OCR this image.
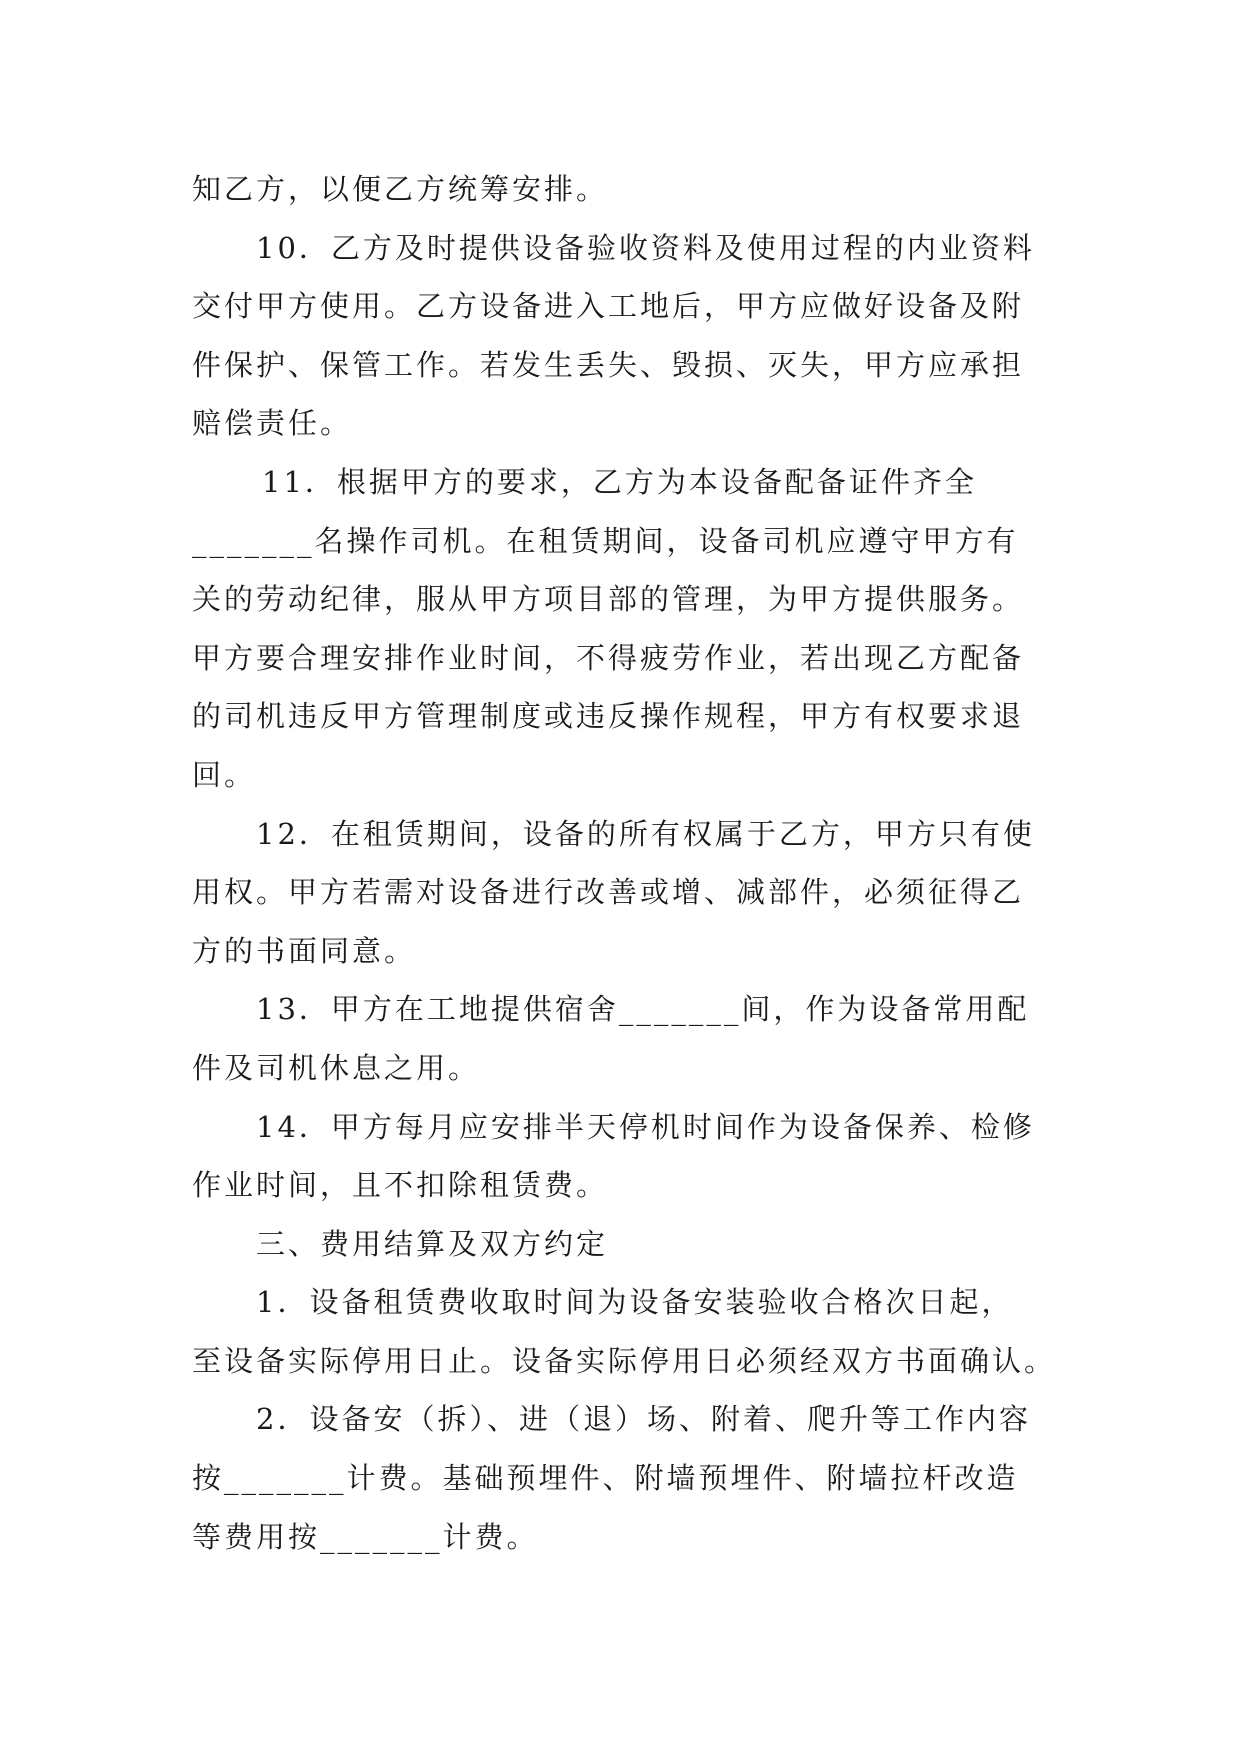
知乙方，以便乙方统筹安排。
10．乙方及时提供设备验收资料及使用过程的内业资料
交付甲方使用。乙方设备进入工地后，甲方应做好设备及附
件保护、保管工作。若发生丢失、毁损、灭失，甲方应承担
赔偿责任。
11．根据甲方的要求，乙方为本设备配备证件齐全
_______名操作司机。在租赁期间，设备司机应遵守甲方有
关的劳动纪律，服从甲方项目部的管理，为甲方提供服务。
甲方要合理安排作业时间，不得疲劳作业，若出现乙方配备
的司机违反甲方管理制度或违反操作规程，甲方有权要求退
回。
12．在租赁期间，设备的所有权属于乙方，甲方只有使
用权。甲方若需对设备进行改善或增、减部件，必须征得乙
方的书面同意。
13．甲方在工地提供宿舍_______间，作为设备常用配
件及司机休息之用。
14．甲方每月应安排半天停机时间作为设备保养、检修
作业时间，且不扣除租赁费。
三、费用结算及双方约定
1．设备租赁费收取时间为设备安装验收合格次日起，
至设备实际停用日止。设备实际停用日必须经双方书面确认。
2．设备安（拆）、进（退）场、附着、爬升等工作内容
按_______计费。基础预埋件、附墙预埋件、附墙拉杆改造
等费用按_______计费。
